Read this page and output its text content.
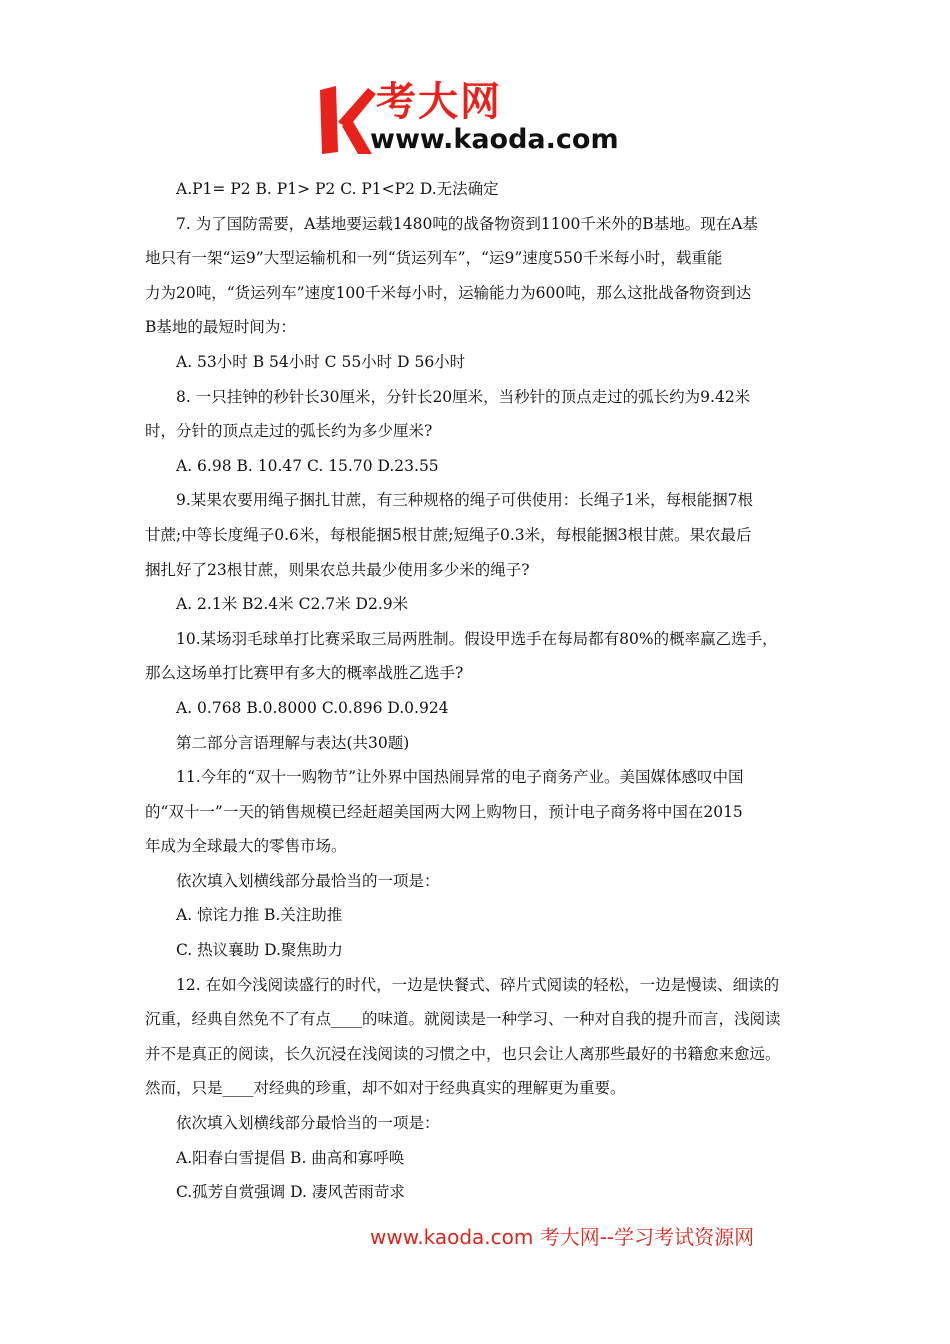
考大网
www.kaoda.com
A.P1= P2 B. P1> P2 C. P1<P2 D.无法确定
7. 为了国防需要，A基地要运载1480吨的战备物资到1100千米外的B基地。现在A基
地只有一架“运9”大型运输机和一列“货运列车”，“运9”速度550千米每小时，载重能
力为20吨，“货运列车”速度100千米每小时，运输能力为600吨，那么这批战备物资到达
B基地的最短时间为：
A. 53小时 B 54小时 C 55小时 D 56小时
8. 一只挂钟的秒针长30厘米，分针长20厘米，当秒针的顶点走过的弧长约为9.42米
时，分针的顶点走过的弧长约为多少厘米?
A. 6.98 B. 10.47 C. 15.70 D.23.55
9.某果农要用绳子捆扎甘蔗，有三种规格的绳子可供使用：长绳子1米，每根能捆7根
甘蔗;中等长度绳子0.6米，每根能捆5根甘蔗;短绳子0.3米，每根能捆3根甘蔗。果农最后
捆扎好了23根甘蔗，则果农总共最少使用多少米的绳子?
A. 2.1米 B2.4米 C2.7米 D2.9米
10.某场羽毛球单打比赛采取三局两胜制。假设甲选手在每局都有80%的概率赢乙选手，
那么这场单打比赛甲有多大的概率战胜乙选手?
A. 0.768 B.0.8000 C.0.896 D.0.924
第二部分言语理解与表达(共30题)
11.今年的“双十一购物节”让外界中国热闹异常的电子商务产业。美国媒体感叹中国
的“双十一”一天的销售规模已经赶超美国两大网上购物日，预计电子商务将中国在2015
年成为全球最大的零售市场。
依次填入划横线部分最恰当的一项是：
A. 惊诧力推 B.关注助推
C. 热议襄助 D.聚焦助力
12. 在如今浅阅读盛行的时代，一边是快餐式、碎片式阅读的轻松，一边是慢读、细读的
沉重，经典自然免不了有点____的味道。就阅读是一种学习、一种对自我的提升而言，浅阅读
并不是真正的阅读，长久沉浸在浅阅读的习惯之中，也只会让人离那些最好的书籍愈来愈远。
然而，只是____对经典的珍重，却不如对于经典真实的理解更为重要。
依次填入划横线部分最恰当的一项是：
A.阳春白雪提倡 B. 曲高和寡呼唤
C.孤芳自赏强调 D. 凄风苦雨苛求
www.kaoda.com 考大网--学习考试资源网
